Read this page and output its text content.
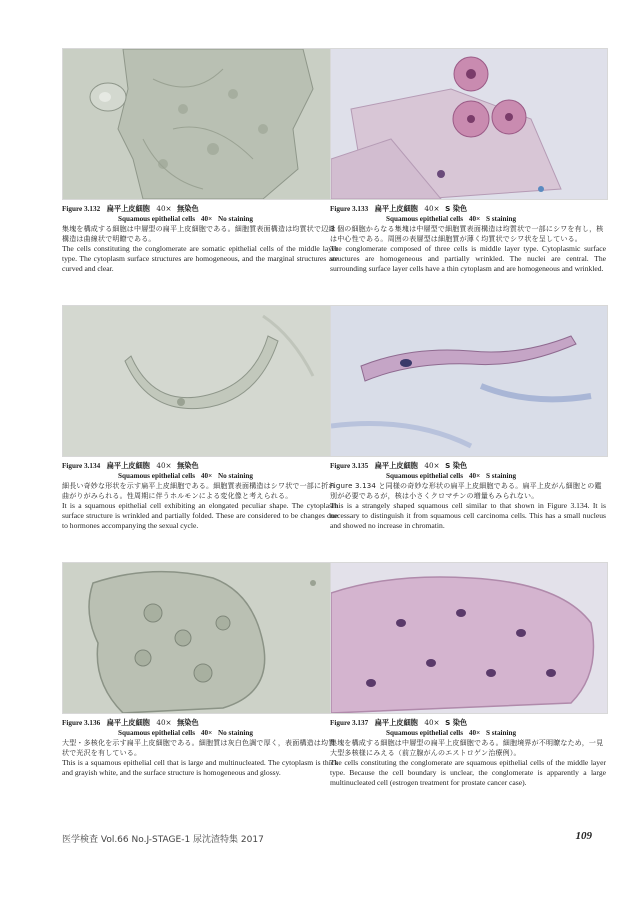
Figure 3.132 扁平上皮細胞 40× 無染色
Squamous epithelial cells 40× No staining
集塊を構成する細胞は中層型の扁平上皮細胞である。細胞質表面構造は均質状で辺縁構造は曲線状で明瞭である。
The cells constituting the conglomerate are somatic epithelial cells of the middle layer type. The cytoplasm surface structures are homogeneous, and the marginal structures are curved and clear.
Figure 3.133 扁平上皮細胞 40× S 染色
Squamous epithelial cells 40× S staining
3 個の細胞からなる集塊は中層型で細胞質表面構造は均質状で一部にシワを有し，核は中心性である。周囲の表層型は細胞質が薄く均質状でシワ状を呈している。
The conglomerate composed of three cells is middle layer type. Cytoplasmic surface structures are homogeneous and partially wrinkled. The nuclei are central. The surrounding surface layer cells have a thin cytoplasm and are homogeneous and wrinkled.
Figure 3.134 扁平上皮細胞 40× 無染色
Squamous epithelial cells 40× No staining
細長い奇妙な形状を示す扁平上皮細胞である。細胞質表面構造はシワ状で一部に折れ曲がりがみられる。性周期に伴うホルモンによる変化像と考えられる。
It is a squamous epithelial cell exhibiting an elongated peculiar shape. The cytoplasm surface structure is wrinkled and partially folded. These are considered to be changes due to hormones accompanying the sexual cycle.
Figure 3.135 扁平上皮細胞 40× S 染色
Squamous epithelial cells 40× S staining
Figure 3.134 と同様の奇妙な形状の扁平上皮細胞である。扁平上皮がん細胞との鑑別が必要であるが，核は小さくクロマチンの増量もみられない。
This is a strangely shaped squamous cell similar to that shown in Figure 3.134. It is necessary to distinguish it from squamous cell carcinoma cells. This has a small nucleus and showed no increase in chromatin.
Figure 3.136 扁平上皮細胞 40× 無染色
Squamous epithelial cells 40× No staining
大型・多核化を示す扁平上皮細胞である。細胞質は灰白色調で厚く，表面構造は均質状で光沢を有している。
This is a squamous epithelial cell that is large and multinucleated. The cytoplasm is thick and grayish white, and the surface structure is homogeneous and glossy.
Figure 3.137 扁平上皮細胞 40× S 染色
Squamous epithelial cells 40× S staining
集塊を構成する細胞は中層型の扁平上皮細胞である。細胞境界が不明瞭なため，一見大型多核様にみえる（前立腺がんのエストロゲン治療例）。
The cells constituting the conglomerate are squamous epithelial cells of the middle layer type. Because the cell boundary is unclear, the conglomerate is apparently a large multinucleated cell (estrogen treatment for prostate cancer case).
医学検査 Vol.66 No.J-STAGE-1 尿沈渣特集 2017	109
